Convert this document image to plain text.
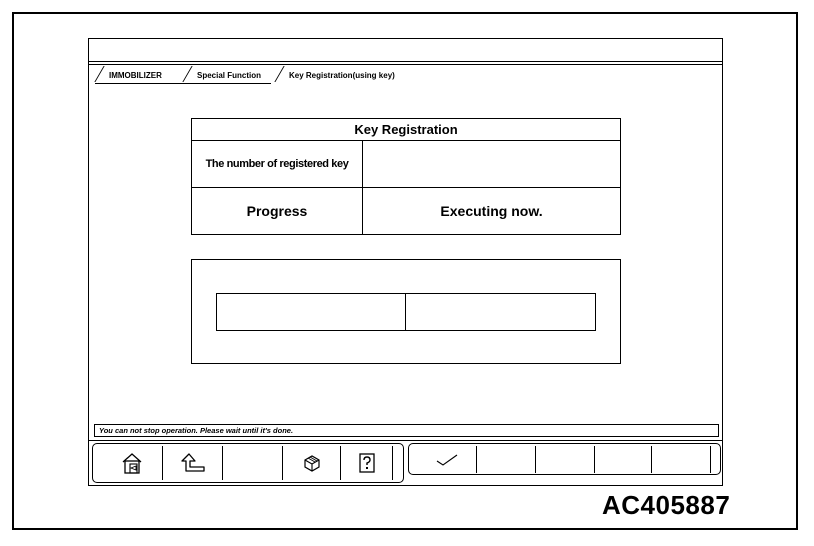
IMMOBILIZER	Special Function	Key Registration(using key)
Key Registration	
The number of registered key	
Progress	Executing now.
You can not stop operation. Please wait until it's done.
AC405887
